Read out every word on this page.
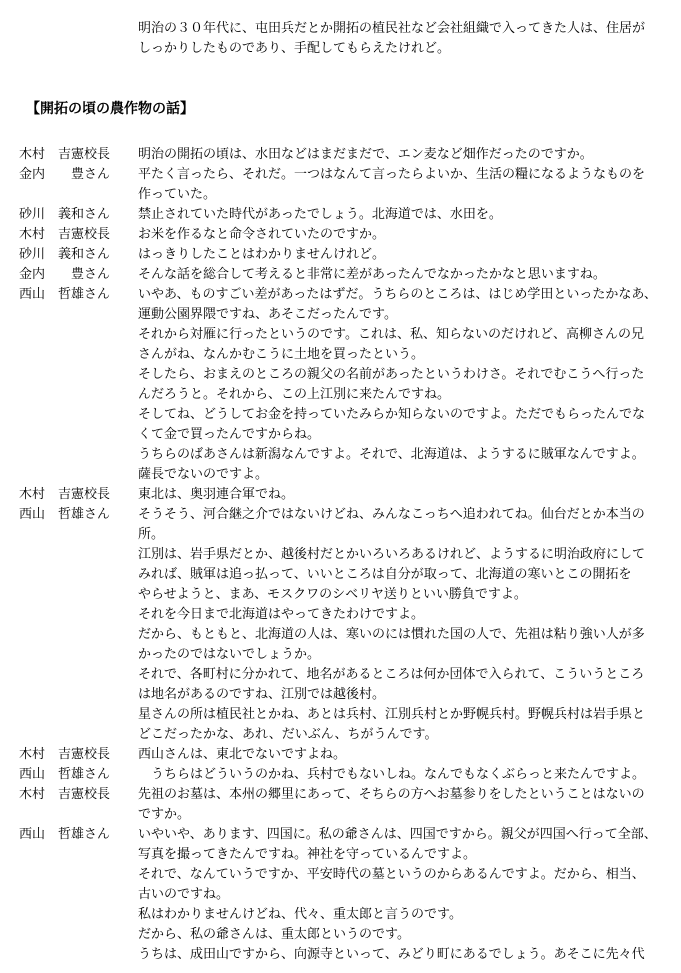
明治の３０年代に、屯田兵だとか開拓の植民社など会社組織で入ってきた人は、住居が
しっかりしたものであり、手配してもらえたけれど。
【開拓の頃の農作物の話】
木村　吉憲校長	明治の開拓の頃は、水田などはまだまだで、エン麦など畑作だったのですか。
金内　　豊さん	平たく言ったら、それだ。一つはなんて言ったらよいか、生活の糧になるようなものを
作っていた。
砂川　義和さん	禁止されていた時代があったでしょう。北海道では、水田を。
木村　吉憲校長	お米を作るなと命令されていたのですか。
砂川　義和さん	はっきりしたことはわかりませんけれど。
金内　　豊さん	そんな話を総合して考えると非常に差があったんでなかったかなと思いますね。
西山　哲雄さん	いやあ、ものすごい差があったはずだ。うちらのところは、はじめ学田といったかなあ、
運動公園界隈ですね、あそこだったんです。
それから対雁に行ったというのです。これは、私、知らないのだけれど、高柳さんの兄
さんがね、なんかむこうに土地を買ったという。
そしたら、おまえのところの親父の名前があったというわけさ。それでむこうへ行った
んだろうと。それから、この上江別に来たんですね。
そしてね、どうしてお金を持っていたみらか知らないのですよ。ただでもらったんでな
くて金で買ったんですからね。
うちらのばあさんは新潟なんですよ。それで、北海道は、ようするに賊軍なんですよ。
薩長でないのですよ。
木村　吉憲校長	東北は、奥羽連合軍でね。
西山　哲雄さん	そうそう、河合継之介ではないけどね、みんなこっちへ追われてね。仙台だとか本当の
所。
江別は、岩手県だとか、越後村だとかいろいろあるけれど、ようするに明治政府にして
みれば、賊軍は追っ払って、いいところは自分が取って、北海道の寒いとこの開拓を
やらせようと、まあ、モスクワのシベリヤ送りといい勝負ですよ。
それを今日まで北海道はやってきたわけですよ。
だから、もともと、北海道の人は、寒いのには慣れた国の人で、先祖は粘り強い人が多
かったのではないでしょうか。
それで、各町村に分かれて、地名があるところは何か団体で入られて、こういうところ
は地名があるのですね、江別では越後村。
星さんの所は植民社とかね、あとは兵村、江別兵村とか野幌兵村。野幌兵村は岩手県と
どこだったかな、あれ、だいぶん、ちがうんです。
木村　吉憲校長	西山さんは、東北でないですよね。
西山　哲雄さん	　うちらはどういうのかね、兵村でもないしね。なんでもなくぶらっと来たんですよ。
木村　吉憲校長	先祖のお墓は、本州の郷里にあって、そちらの方へお墓参りをしたということはないの
ですか。
西山　哲雄さん	いやいや、あります、四国に。私の爺さんは、四国ですから。親父が四国へ行って全部、
写真を撮ってきたんですね。神社を守っているんですよ。
それで、なんていうですか、平安時代の墓というのからあるんですよ。だから、相当、
古いのですね。
私はわかりませんけどね、代々、重太郎と言うのです。
だから、私の爺さんは、重太郎というのです。
うちは、成田山ですから、向源寺といって、みどり町にあるでしょう。あそこに先々代
